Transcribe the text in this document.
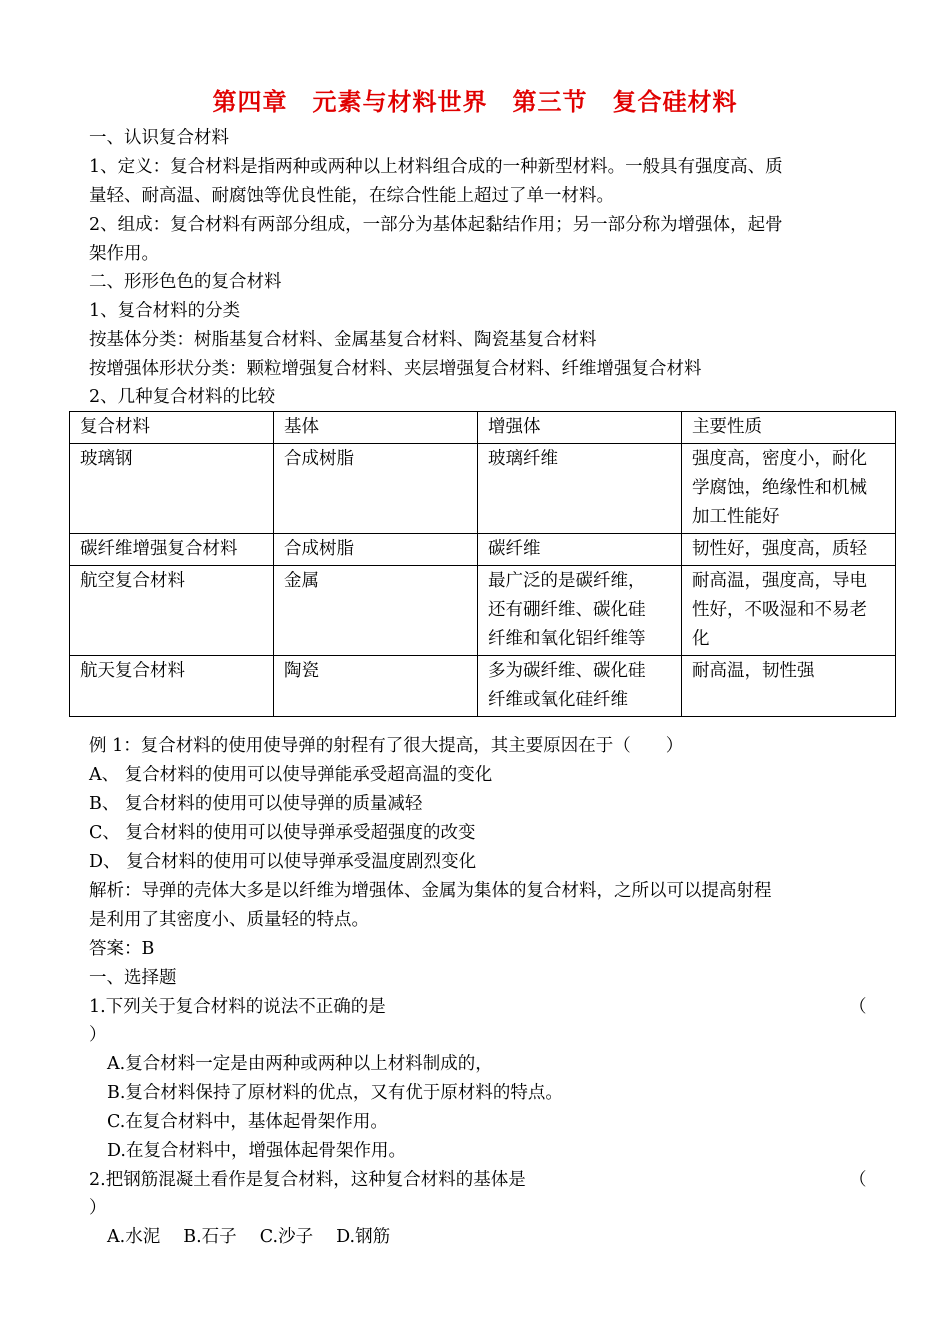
第四章　元素与材料世界　第三节　复合硅材料
一、认识复合材料
1、定义：复合材料是指两种或两种以上材料组合成的一种新型材料。一般具有强度高、质
量轻、耐高温、耐腐蚀等优良性能，在综合性能上超过了单一材料。
2、组成：复合材料有两部分组成，一部分为基体起黏结作用；另一部分称为增强体，起骨
架作用。
二、形形色色的复合材料
1、复合材料的分类
按基体分类：树脂基复合材料、金属基复合材料、陶瓷基复合材料
按增强体形状分类：颗粒增强复合材料、夹层增强复合材料、纤维增强复合材料
2、几种复合材料的比较
复合材料	基体	增强体	主要性质

玻璃钢	合成树脂	玻璃纤维	强度高，密度小，耐化
学腐蚀，绝缘性和机械
加工性能好

碳纤维增强复合材料	合成树脂	碳纤维	韧性好，强度高，质轻

航空复合材料	金属	最广泛的是碳纤维，
还有硼纤维、碳化硅
纤维和氧化铝纤维等	耐高温，强度高，导电
性好，不吸湿和不易老
化

航天复合材料	陶瓷	多为碳纤维、碳化硅
纤维或氧化硅纤维	耐高温，韧性强
例 1：复合材料的使用使导弹的射程有了很大提高，其主要原因在于（　　）
A、 复合材料的使用可以使导弹能承受超高温的变化
B、 复合材料的使用可以使导弹的质量减轻
C、 复合材料的使用可以使导弹承受超强度的改变
D、 复合材料的使用可以使导弹承受温度剧烈变化
解析：导弹的壳体大多是以纤维为增强体、金属为集体的复合材料，之所以可以提高射程
是利用了其密度小、质量轻的特点。
答案：B
一、选择题
1.下列关于复合材料的说法不正确的是	（
）
A.复合材料一定是由两种或两种以上材料制成的，
B.复合材料保持了原材料的优点，又有优于原材料的特点。
C.在复合材料中，基体起骨架作用。
D.在复合材料中，增强体起骨架作用。
2.把钢筋混凝土看作是复合材料，这种复合材料的基体是	（
）
A.水泥　 B.石子　 C.沙子　 D.钢筋
